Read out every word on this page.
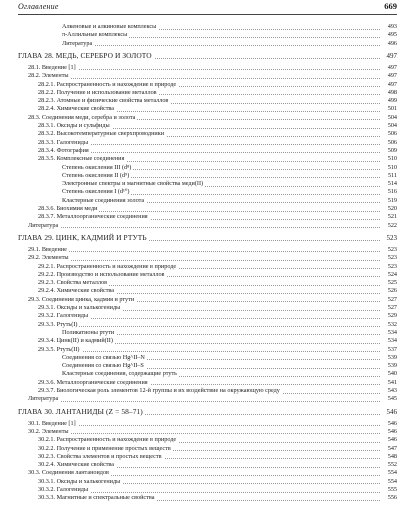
Оглавление	669
Алкеновые и алкиновые комплексы	493
π-Аллильные комплексы	495
Литература	496
ГЛАВА 28. МЕДЬ, СЕРЕБРО И ЗОЛОТО	497
28.1. Введение [1]	497
28.2. Элементы	497
28.2.1. Распространенность и нахождение в природе	497
28.2.2. Получение и использование металлов	498
28.2.3. Атомные и физические свойства металлов	499
28.2.4. Химические свойства	501
28.3. Соединения меди, серебра и золота	504
28.3.1. Оксиды и сульфиды	504
28.3.2. Высокотемпературные сверхпроводники	506
28.3.3. Галогениды	506
28.3.4. Фотография	509
28.3.5. Комплексные соединения	510
Степень окисления III (d⁸)	510
Степень окисления II (d⁹)	511
Электронные спектры и магнитные свойства меди(II)	514
Степень окисления I (d¹⁰)	516
Кластерные соединения золота	519
28.3.6. Биохимия меди	520
28.3.7. Металлоорганические соединения	521
Литература	522
ГЛАВА 29. ЦИНК, КАДМИЙ И РТУТЬ	523
29.1. Введение	523
29.2. Элементы	523
29.2.1. Распространенность и нахождение в природе	523
29.2.2. Производство и использование металлов	524
29.2.3. Свойства металлов	525
29.2.4. Химические свойства	526
29.3. Соединения цинка, кадмия и ртути	527
29.3.1. Оксиды и халькогениды	527
29.3.2. Галогениды	529
29.3.3. Ртуть(I)	532
Поликатионы ртути	534
29.3.4. Цинк(II) и кадмий(II)	534
29.3.5. Ртуть(II)	537
Соединения со связью Hg^II–N	539
Соединения со связью Hg^II–S	539
Кластерные соединения, содержащие ртуть	540
29.3.6. Металлоорганические соединения	541
29.3.7. Биологическая роль элементов 12-й группы и их воздействие на окружающую среду	543
Литература	545
ГЛАВА 30. ЛАНТАНИДЫ (Z = 58–71)	546
30.1. Введение [1]	546
30.2. Элементы	546
30.2.1. Распространенность и нахождение в природе	546
30.2.2. Получение и применение простых веществ	547
30.2.3. Свойства элементов и простых веществ	548
30.2.4. Химические свойства	552
30.3. Соединения лантаноидов	554
30.3.1. Оксиды и халькогениды	554
30.3.2. Галогениды	555
30.3.3. Магнитные и спектральные свойства	556
